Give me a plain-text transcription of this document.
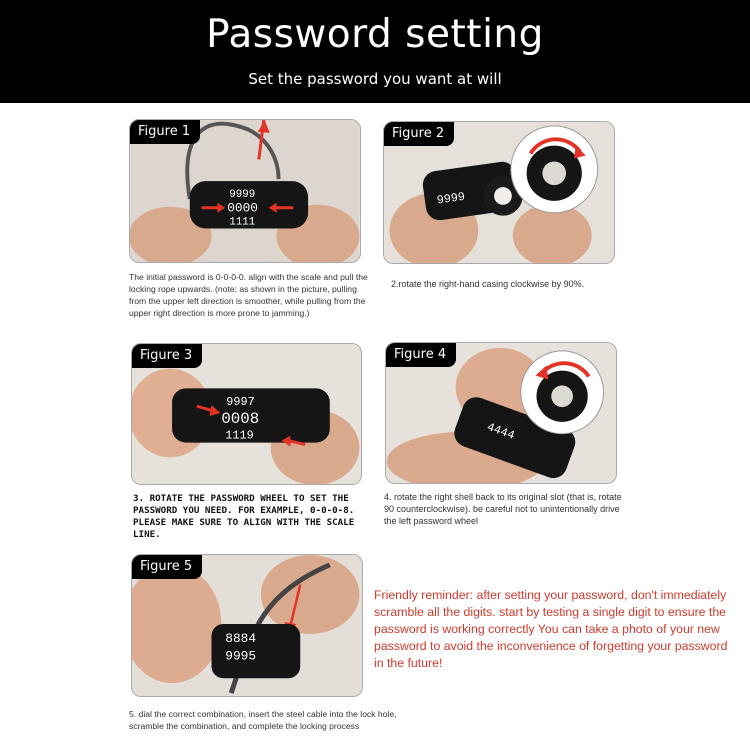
Password setting
Set the password you want at will
9999
0000
1111
Figure 1
The initial password is 0-0-0-0. align with the scale and pull the locking rope upwards. (note: as shown in the picture, pulling from the upper left direction is smoother, while pulling from the upper right direction is more prone to jamming.)
9999
Figure 2
2.rotate the right-hand casing clockwise by 90%.
9997
0008
1119
Figure 3
3. ROTATE THE PASSWORD WHEEL TO SET THE PASSWORD YOU NEED. FOR EXAMPLE, 0-0-0-8. PLEASE MAKE SURE TO ALIGN WITH THE SCALE LINE.
4444
Figure 4
4. rotate the right shell back to its original slot (that is, rotate 90 counterclockwise). be careful not to unintentionally drive the left password wheel
8884
9995
Figure 5
5. dial the correct combination, insert the steel cable into the lock hole, scramble the combination, and complete the locking process
Friendly reminder: after setting your password, don't immediately scramble all the digits. start by testing a single digit to ensure the password is working correctly You can take a photo of your new password to avoid the inconvenience of forgetting your password in the future!
